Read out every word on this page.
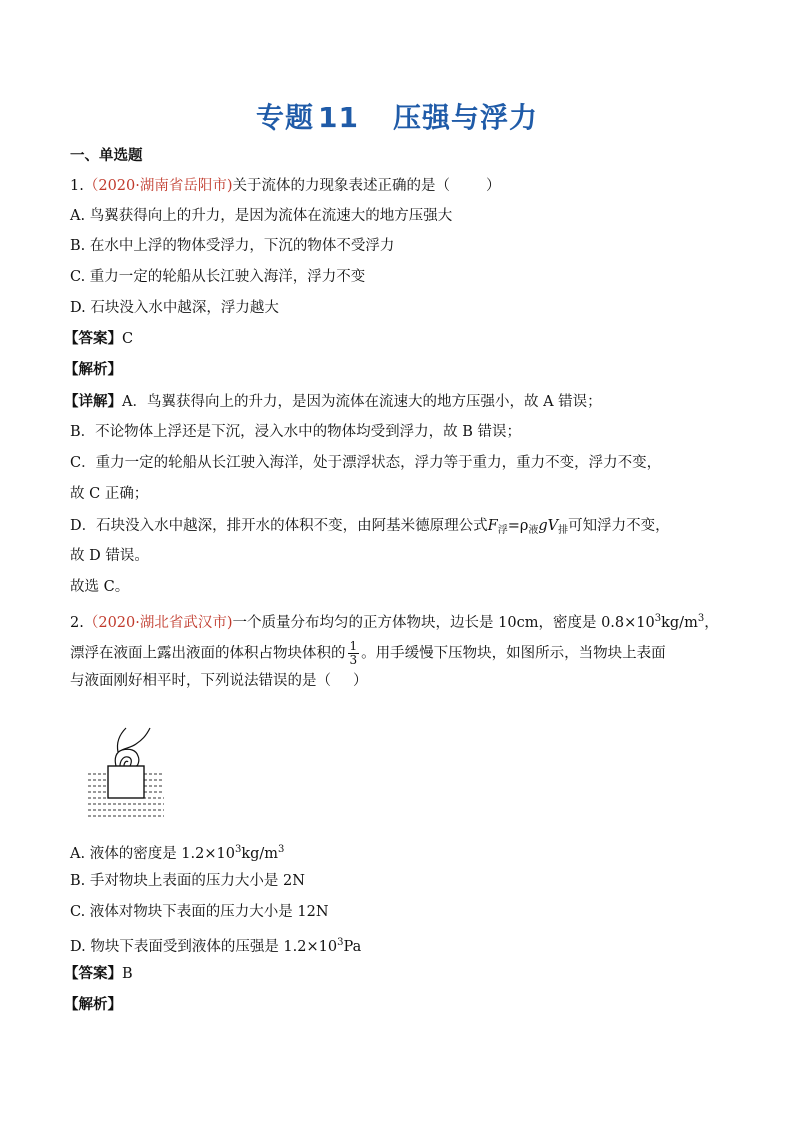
专题 11 压强与浮力
一、单选题
1.（2020·湖南省岳阳市)关于流体的力现象表述正确的是（ ）
A. 鸟翼获得向上的升力，是因为流体在流速大的地方压强大
B. 在水中上浮的物体受浮力，下沉的物体不受浮力
C. 重力一定的轮船从长江驶入海洋，浮力不变
D. 石块没入水中越深，浮力越大
【答案】C
【解析】
【详解】A．鸟翼获得向上的升力，是因为流体在流速大的地方压强小，故 A 错误；
B．不论物体上浮还是下沉，浸入水中的物体均受到浮力，故 B 错误；
C．重力一定的轮船从长江驶入海洋，处于漂浮状态，浮力等于重力，重力不变，浮力不变，
故 C 正确；
D．石块没入水中越深，排开水的体积不变，由阿基米德原理公式$F_浮=\rho_液gV_排$可知浮力不变，
故 D 错误。
故选 C。
2.（2020·湖北省武汉市)一个质量分布均匀的正方体物块，边长是 10cm，密度是 $0.8\times 10^3kg/m^3$，
漂浮在液面上露出液面的体积占物块体积的 $\frac{1}{3}$ 。用手缓慢下压物块，如图所示，当物块上表面
与液面刚好相平时，下列说法错误的是（ ）
A. 液体的密度是 $1.2\times 10^3kg/m^3$
B. 手对物块上表面的压力大小是 2N
C. 液体对物块下表面的压力大小是 12N
D. 物块下表面受到液体的压强是 $1.2\times 10^3Pa$
【答案】B
【解析】
